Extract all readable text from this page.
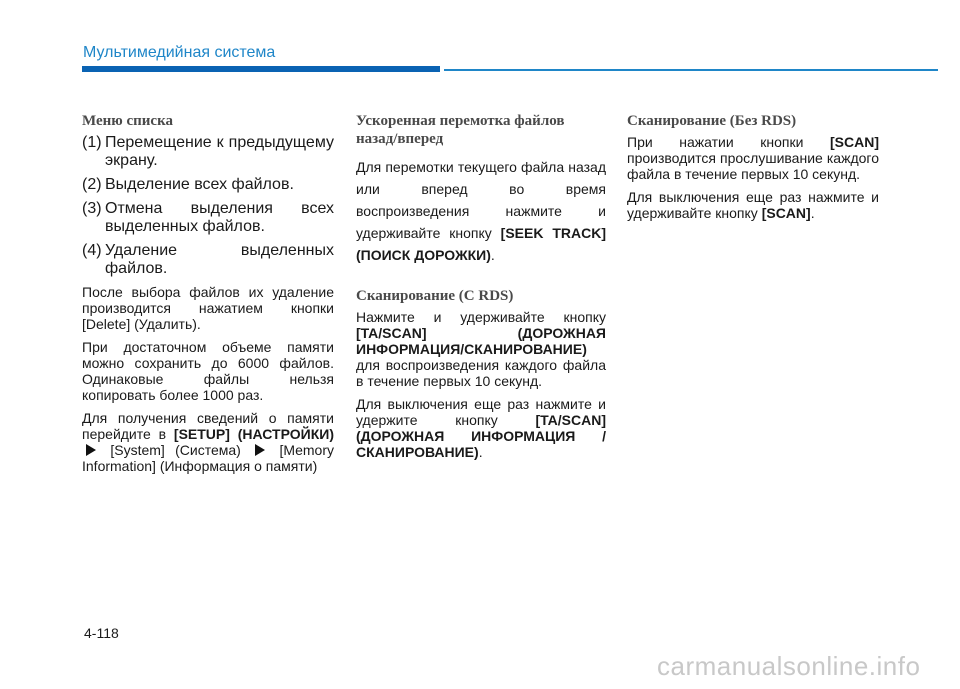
Мультимедийная система
Меню списка
(1) Перемещение к предыдущему экрану.
(2) Выделение всех файлов.
(3) Отмена выделения всех выделенных файлов.
(4) Удаление выделенных файлов.

После выбора файлов их удаление производится нажатием кнопки [Delete] (Удалить).

При достаточном объеме памяти можно сохранить до 6000 файлов. Одинаковые файлы нельзя копировать более 1000 раз.

Для получения сведений о памяти перейдите в [SETUP] (НАСТРОЙКИ)  [System] (Система)	[Memory Information] (Информация о памяти)

Ускоренная перемотка файлов назад/вперед

Для перемотки текущего файла назад или вперед во время воспроизведения нажмите и удерживайте кнопку [SEEK TRACK] (ПОИСК ДОРОЖКИ).

Сканирование (С RDS)

Нажмите и удерживайте кнопку [TA/SCAN] (ДОРОЖНАЯ ИНФОРМАЦИЯ/СКАНИРОВАНИЕ) для воспроизведения каждого файла в течение первых 10 секунд.

Для выключения еще раз нажмите и удержите кнопку [TA/SCAN] (ДОРОЖНАЯ ИНФОРМАЦИЯ /СКАНИРОВАНИЕ).

Сканирование (Без RDS)

При нажатии кнопки [SCAN] производится прослушивание каждого файла в течение первых 10 секунд.

Для выключения еще раз нажмите и удерживайте кнопку [SCAN].

4-118
carmanualsonline.info
